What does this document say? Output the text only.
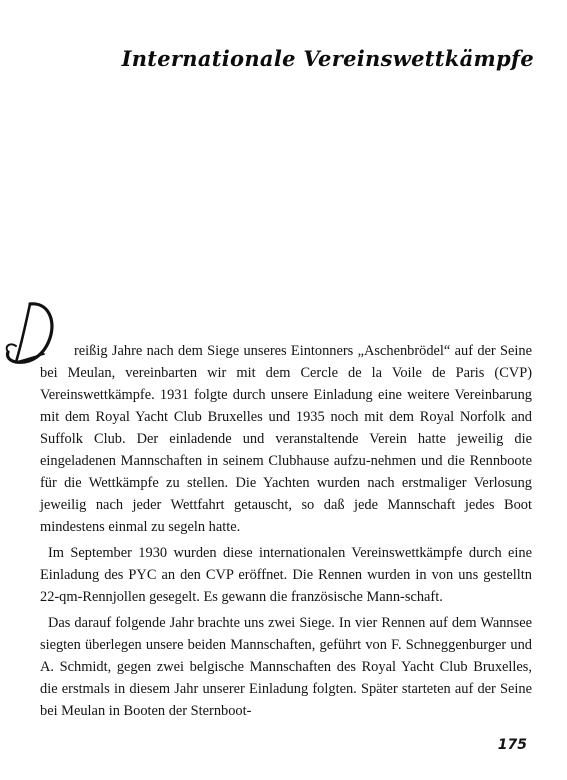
Internationale Vereinswettkämpfe

reißig Jahre nach dem Siege unseres Eintonners „Aschenbrödel“ auf der Seine bei Meulan, vereinbarten wir mit dem Cercle de la Voile de Paris (CVP) Vereinswettkämpfe. 1931 folgte durch unsere Einladung eine weitere Vereinbarung mit dem Royal Yacht Club Bruxelles und 1935 noch mit dem Royal Norfolk and Suffolk Club. Der einladende und veranstaltende Verein hatte jeweilig die eingeladenen Mannschaften in seinem Clubhause aufzu-nehmen und die Rennboote für die Wettkämpfe zu stellen. Die Yachten wurden nach erstmaliger Verlosung jeweilig nach jeder Wettfahrt getauscht, so daß jede Mannschaft jedes Boot mindestens einmal zu segeln hatte.

Im September 1930 wurden diese internationalen Vereinswettkämpfe durch eine Einladung des PYC an den CVP eröffnet. Die Rennen wurden in von uns gestelltn 22-qm-Rennjollen gesegelt. Es gewann die französische Mann-schaft.

Das darauf folgende Jahr brachte uns zwei Siege. In vier Rennen auf dem Wannsee siegten überlegen unsere beiden Mannschaften, geführt von F. Schneggenburger und A. Schmidt, gegen zwei belgische Mannschaften des Royal Yacht Club Bruxelles, die erstmals in diesem Jahr unserer Einladung folgten. Später starteten auf der Seine bei Meulan in Booten der Sternboot-

175
